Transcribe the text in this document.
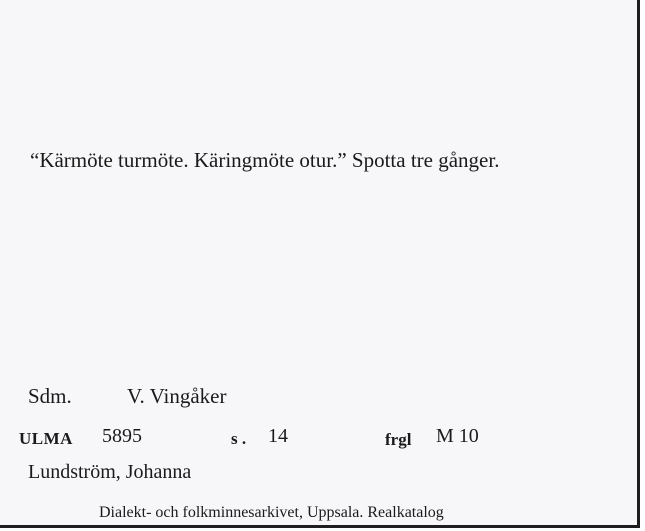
“Kärmöte turmöte. Käringmöte otur.” Spotta tre gånger.
Sdm.	V. Vingåker
ULMA 5895	s . 14	frgl M 10
Lundström, Johanna
Dialekt- och folkminnesarkivet, Uppsala. Realkatalog
